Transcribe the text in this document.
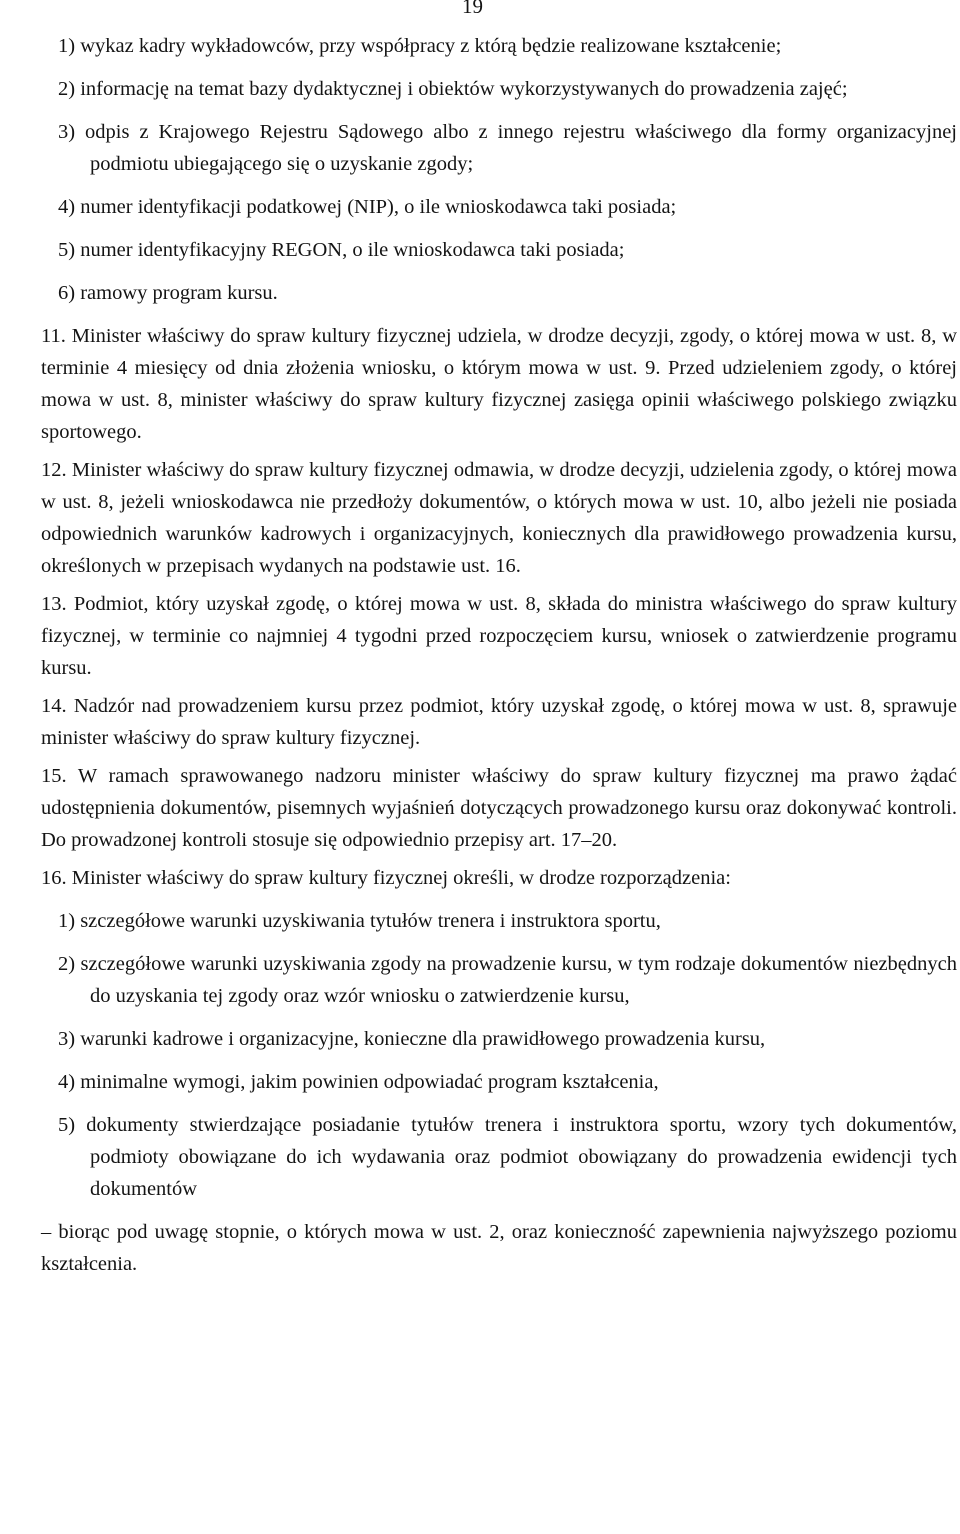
19
1) wykaz kadry wykładowców, przy współpracy z którą będzie realizowane kształcenie;
2) informację na temat bazy dydaktycznej i obiektów wykorzystywanych do prowadzenia zajęć;
3) odpis z Krajowego Rejestru Sądowego albo z innego rejestru właściwego dla formy organizacyjnej podmiotu ubiegającego się o uzyskanie zgody;
4) numer identyfikacji podatkowej (NIP), o ile wnioskodawca taki posiada;
5) numer identyfikacyjny REGON, o ile wnioskodawca taki posiada;
6) ramowy program kursu.
11. Minister właściwy do spraw kultury fizycznej udziela, w drodze decyzji, zgody, o której mowa w ust. 8, w terminie 4 miesięcy od dnia złożenia wniosku, o którym mowa w ust. 9. Przed udzieleniem zgody, o której mowa w ust. 8, minister właściwy do spraw kultury fizycznej zasięga opinii właściwego polskiego związku sportowego.
12. Minister właściwy do spraw kultury fizycznej odmawia, w drodze decyzji, udzielenia zgody, o której mowa w ust. 8, jeżeli wnioskodawca nie przedłoży dokumentów, o których mowa w ust. 10, albo jeżeli nie posiada odpowiednich warunków kadrowych i organizacyjnych, koniecznych dla prawidłowego prowadzenia kursu, określonych w przepisach wydanych na podstawie ust. 16.
13. Podmiot, który uzyskał zgodę, o której mowa w ust. 8, składa do ministra właściwego do spraw kultury fizycznej, w terminie co najmniej 4 tygodni przed rozpoczęciem kursu, wniosek o zatwierdzenie programu kursu.
14. Nadzór nad prowadzeniem kursu przez podmiot, który uzyskał zgodę, o której mowa w ust. 8, sprawuje minister właściwy do spraw kultury fizycznej.
15. W ramach sprawowanego nadzoru minister właściwy do spraw kultury fizycznej ma prawo żądać udostępnienia dokumentów, pisemnych wyjaśnień dotyczących prowadzonego kursu oraz dokonywać kontroli. Do prowadzonej kontroli stosuje się odpowiednio przepisy art. 17–20.
16. Minister właściwy do spraw kultury fizycznej określi, w drodze rozporządzenia:
1) szczegółowe warunki uzyskiwania tytułów trenera i instruktora sportu,
2) szczegółowe warunki uzyskiwania zgody na prowadzenie kursu, w tym rodzaje dokumentów niezbędnych do uzyskania tej zgody oraz wzór wniosku o zatwierdzenie kursu,
3) warunki kadrowe i organizacyjne, konieczne dla prawidłowego prowadzenia kursu,
4) minimalne wymogi, jakim powinien odpowiadać program kształcenia,
5) dokumenty stwierdzające posiadanie tytułów trenera i instruktora sportu, wzory tych dokumentów, podmioty obowiązane do ich wydawania oraz podmiot obowiązany do prowadzenia ewidencji tych dokumentów
– biorąc pod uwagę stopnie, o których mowa w ust. 2, oraz konieczność zapewnienia najwyższego poziomu kształcenia.
